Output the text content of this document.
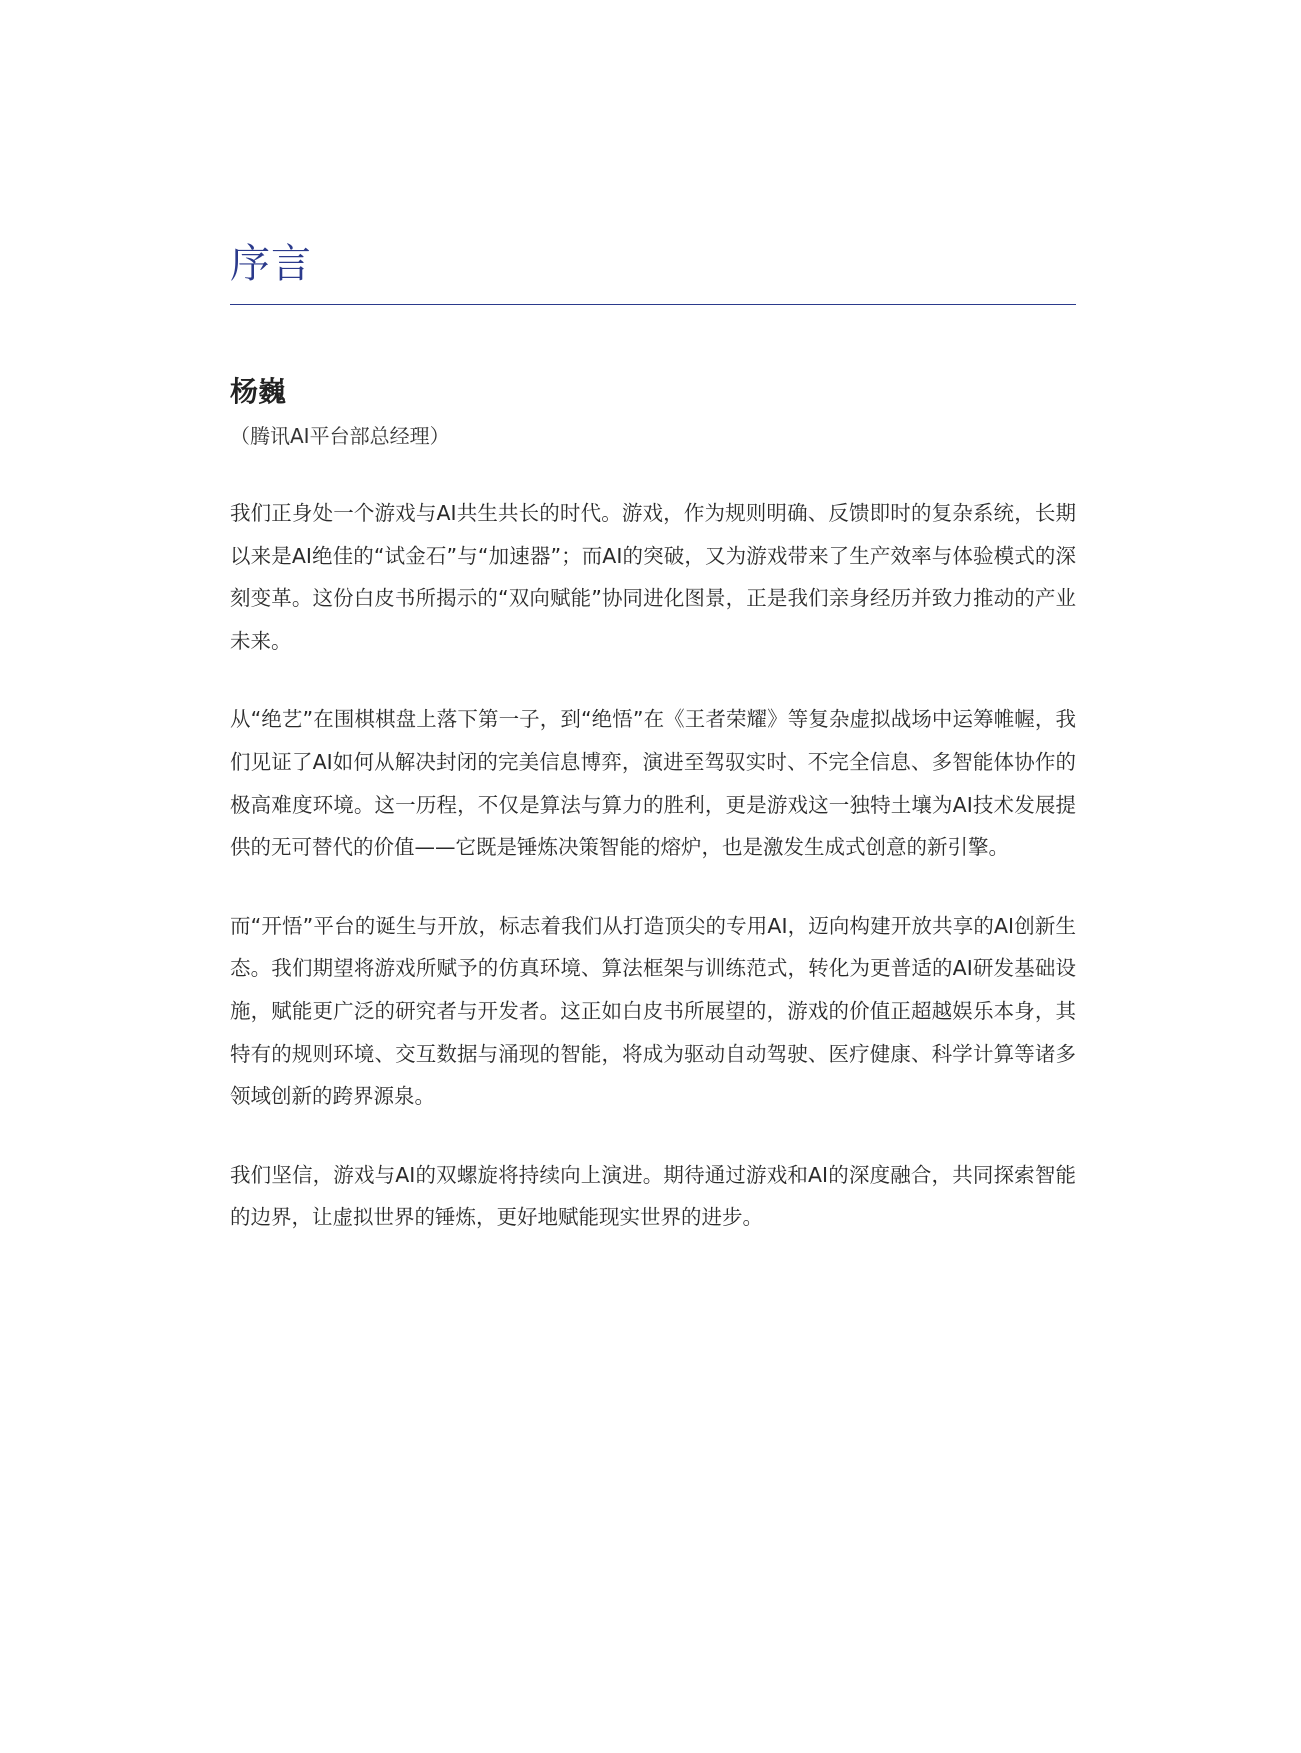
序言
杨巍
（腾讯AI平台部总经理）

我们正身处一个游戏与AI共生共长的时代。游戏，作为规则明确、反馈即时的复杂系统，长期以来是AI绝佳的“试金石”与“加速器”；而AI的突破，又为游戏带来了生产效率与体验模式的深刻变革。这份白皮书所揭示的“双向赋能”协同进化图景，正是我们亲身经历并致力推动的产业未来。

从“绝艺”在围棋棋盘上落下第一子，到“绝悟”在《王者荣耀》等复杂虚拟战场中运筹帷幄，我们见证了AI如何从解决封闭的完美信息博弈，演进至驾驭实时、不完全信息、多智能体协作的极高难度环境。这一历程，不仅是算法与算力的胜利，更是游戏这一独特土壤为AI技术发展提供的无可替代的价值——它既是锤炼决策智能的熔炉，也是激发生成式创意的新引擎。

而“开悟”平台的诞生与开放，标志着我们从打造顶尖的专用AI，迈向构建开放共享的AI创新生态。我们期望将游戏所赋予的仿真环境、算法框架与训练范式，转化为更普适的AI研发基础设施，赋能更广泛的研究者与开发者。这正如白皮书所展望的，游戏的价值正超越娱乐本身，其特有的规则环境、交互数据与涌现的智能，将成为驱动自动驾驶、医疗健康、科学计算等诸多领域创新的跨界源泉。

我们坚信，游戏与AI的双螺旋将持续向上演进。期待通过游戏和AI的深度融合，共同探索智能的边界，让虚拟世界的锤炼，更好地赋能现实世界的进步。
